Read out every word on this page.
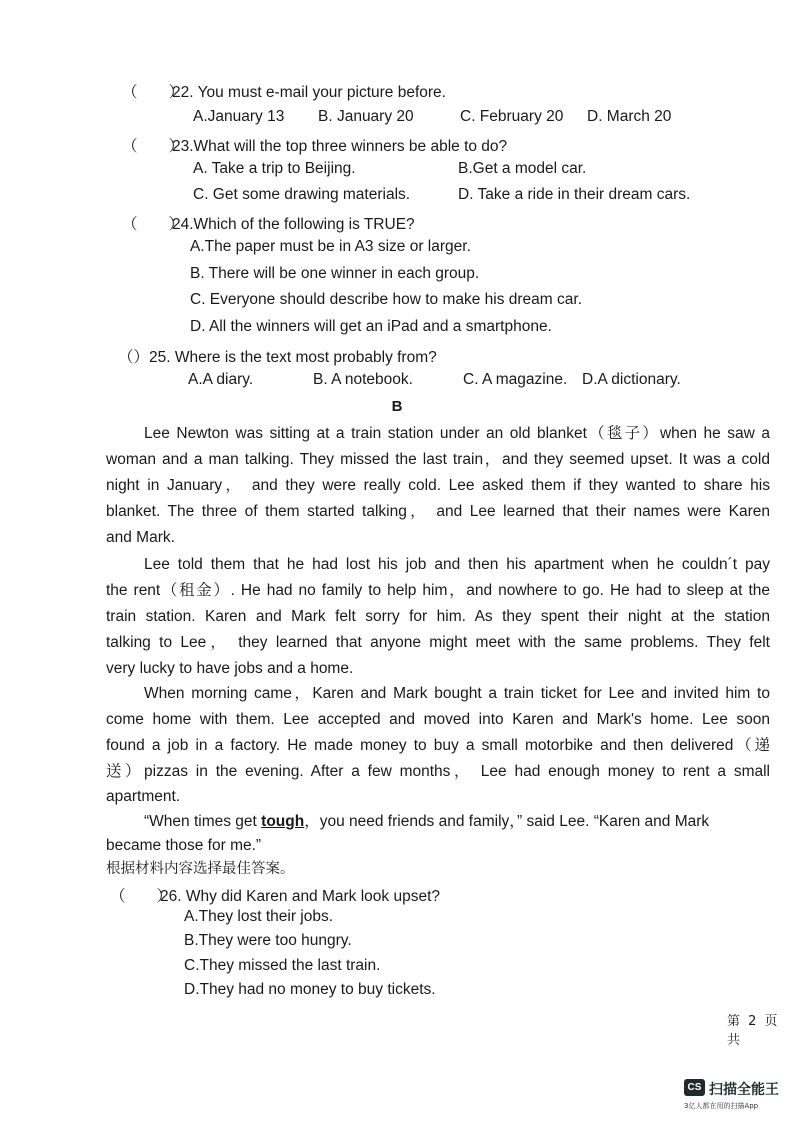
（　　）22. You must e-mail your picture before.
A.January 13 B. January 20	C. February 20 D. March 20
（　　）23.What will the top three winners be able to do?
A. Take a trip to Beijing.	B.Get a model car.
C. Get some drawing materials.	D. Take a ride in their dream cars.
（　　）24.Which of the following is TRUE?
A.The paper must be in A3 size or larger.
B. There will be one winner in each group.
C. Everyone should describe how to make his dream car.
D. All the winners will get an iPad and a smartphone.
（）25. Where is the text most probably from?
A.A diary.	B. A notebook.	C. A magazine. D.A dictionary.
B
Lee Newton was sitting at a train station under an old blanket（毯子）when he saw a
woman and a man talking. They missed the last train，and they seemed upset. It was a cold
night in January， and they were really cold. Lee asked them if they wanted to share his
blanket. The three of them started talking， and Lee learned that their names were Karen
and Mark.
Lee told them that he had lost his job and then his apartment when he couldn´t pay
the rent（租金）. He had no family to help him，and nowhere to go. He had to sleep at the
train station. Karen and Mark felt sorry for him. As they spent their night at the station
talking to Lee， they learned that anyone might meet with the same problems. They felt
very lucky to have jobs and a home.
When morning came，Karen and Mark bought a train ticket for Lee and invited him to
come home with them. Lee accepted and moved into Karen and Mark's home. Lee soon
found a job in a factory. He made money to buy a small motorbike and then delivered（递
送）pizzas in the evening. After a few months， Lee had enough money to rent a small
apartment.
“When times get tough，you need friends and family，” said Lee. “Karen and Mark
became those for me.”
根据材料内容选择最佳答案。
（　　）26. Why did Karen and Mark look upset?
A.They lost their jobs.
B.They were too hungry.
C.They missed the last train.
D.They had no money to buy tickets.
第 2 页 共
CS 扫描全能王
3亿人都在用的扫描App
